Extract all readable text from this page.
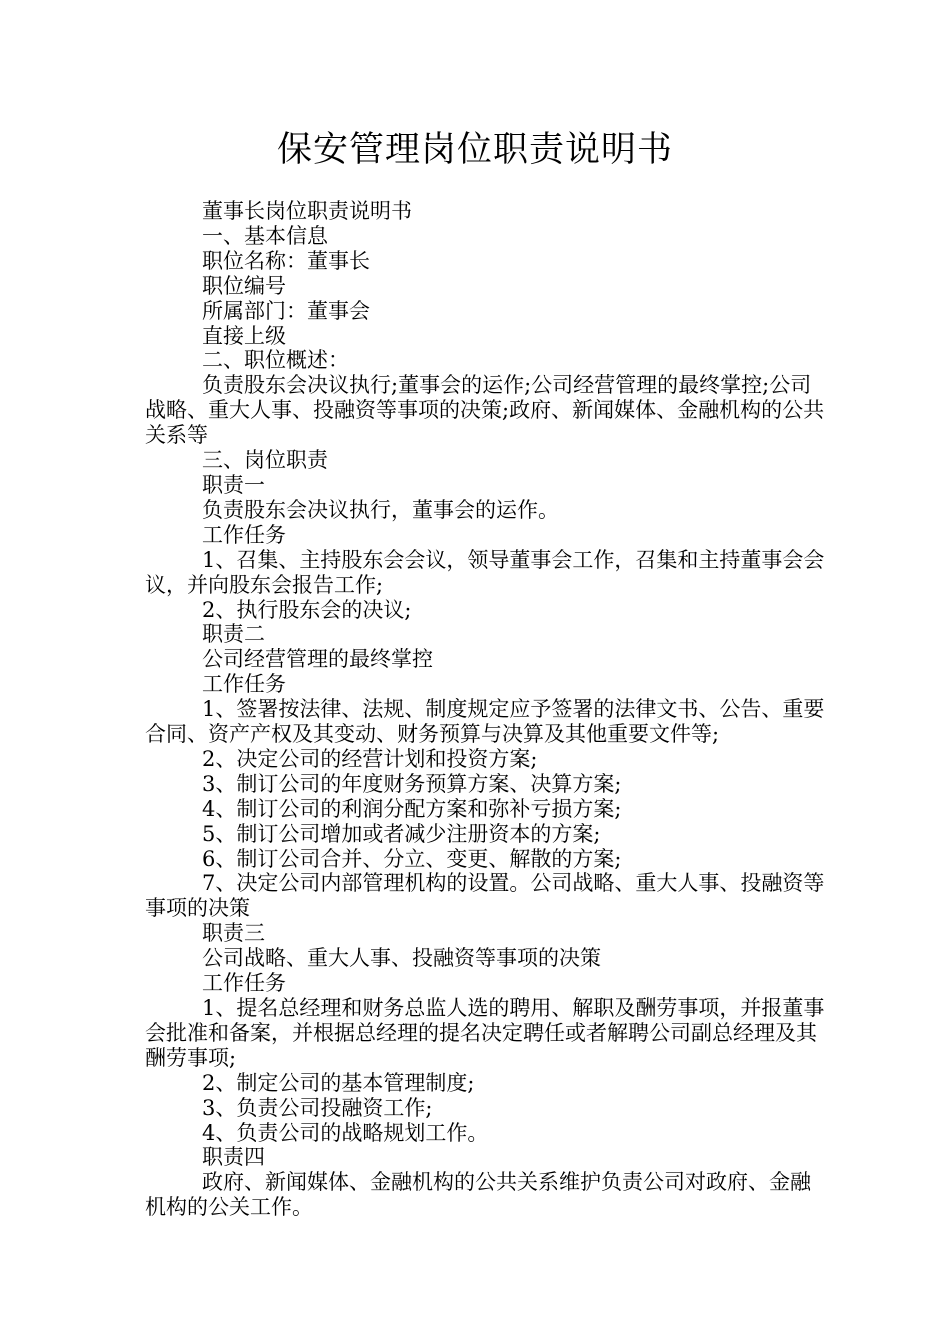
保安管理岗位职责说明书

董事长岗位职责说明书

一、基本信息

职位名称：董事长

职位编号

所属部门：董事会

直接上级

二、职位概述：

负责股东会决议执行;董事会的运作;公司经营管理的最终掌控;公司战略、重大人事、投融资等事项的决策;政府、新闻媒体、金融机构的公共关系等

三、岗位职责

职责一

负责股东会决议执行，董事会的运作。

工作任务

1、召集、主持股东会会议，领导董事会工作，召集和主持董事会会议，并向股东会报告工作;

2、执行股东会的决议;

职责二

公司经营管理的最终掌控

工作任务

1、签署按法律、法规、制度规定应予签署的法律文书、公告、重要合同、资产产权及其变动、财务预算与决算及其他重要文件等;

2、决定公司的经营计划和投资方案;

3、制订公司的年度财务预算方案、决算方案;

4、制订公司的利润分配方案和弥补亏损方案;

5、制订公司增加或者减少注册资本的方案;

6、制订公司合并、分立、变更、解散的方案;

7、决定公司内部管理机构的设置。公司战略、重大人事、投融资等事项的决策

职责三

公司战略、重大人事、投融资等事项的决策

工作任务

1、提名总经理和财务总监人选的聘用、解职及酬劳事项，并报董事会批准和备案，并根据总经理的提名决定聘任或者解聘公司副总经理及其酬劳事项;

2、制定公司的基本管理制度;

3、负责公司投融资工作;

4、负责公司的战略规划工作。

职责四

政府、新闻媒体、金融机构的公共关系维护负责公司对政府、金融机构的公关工作。
